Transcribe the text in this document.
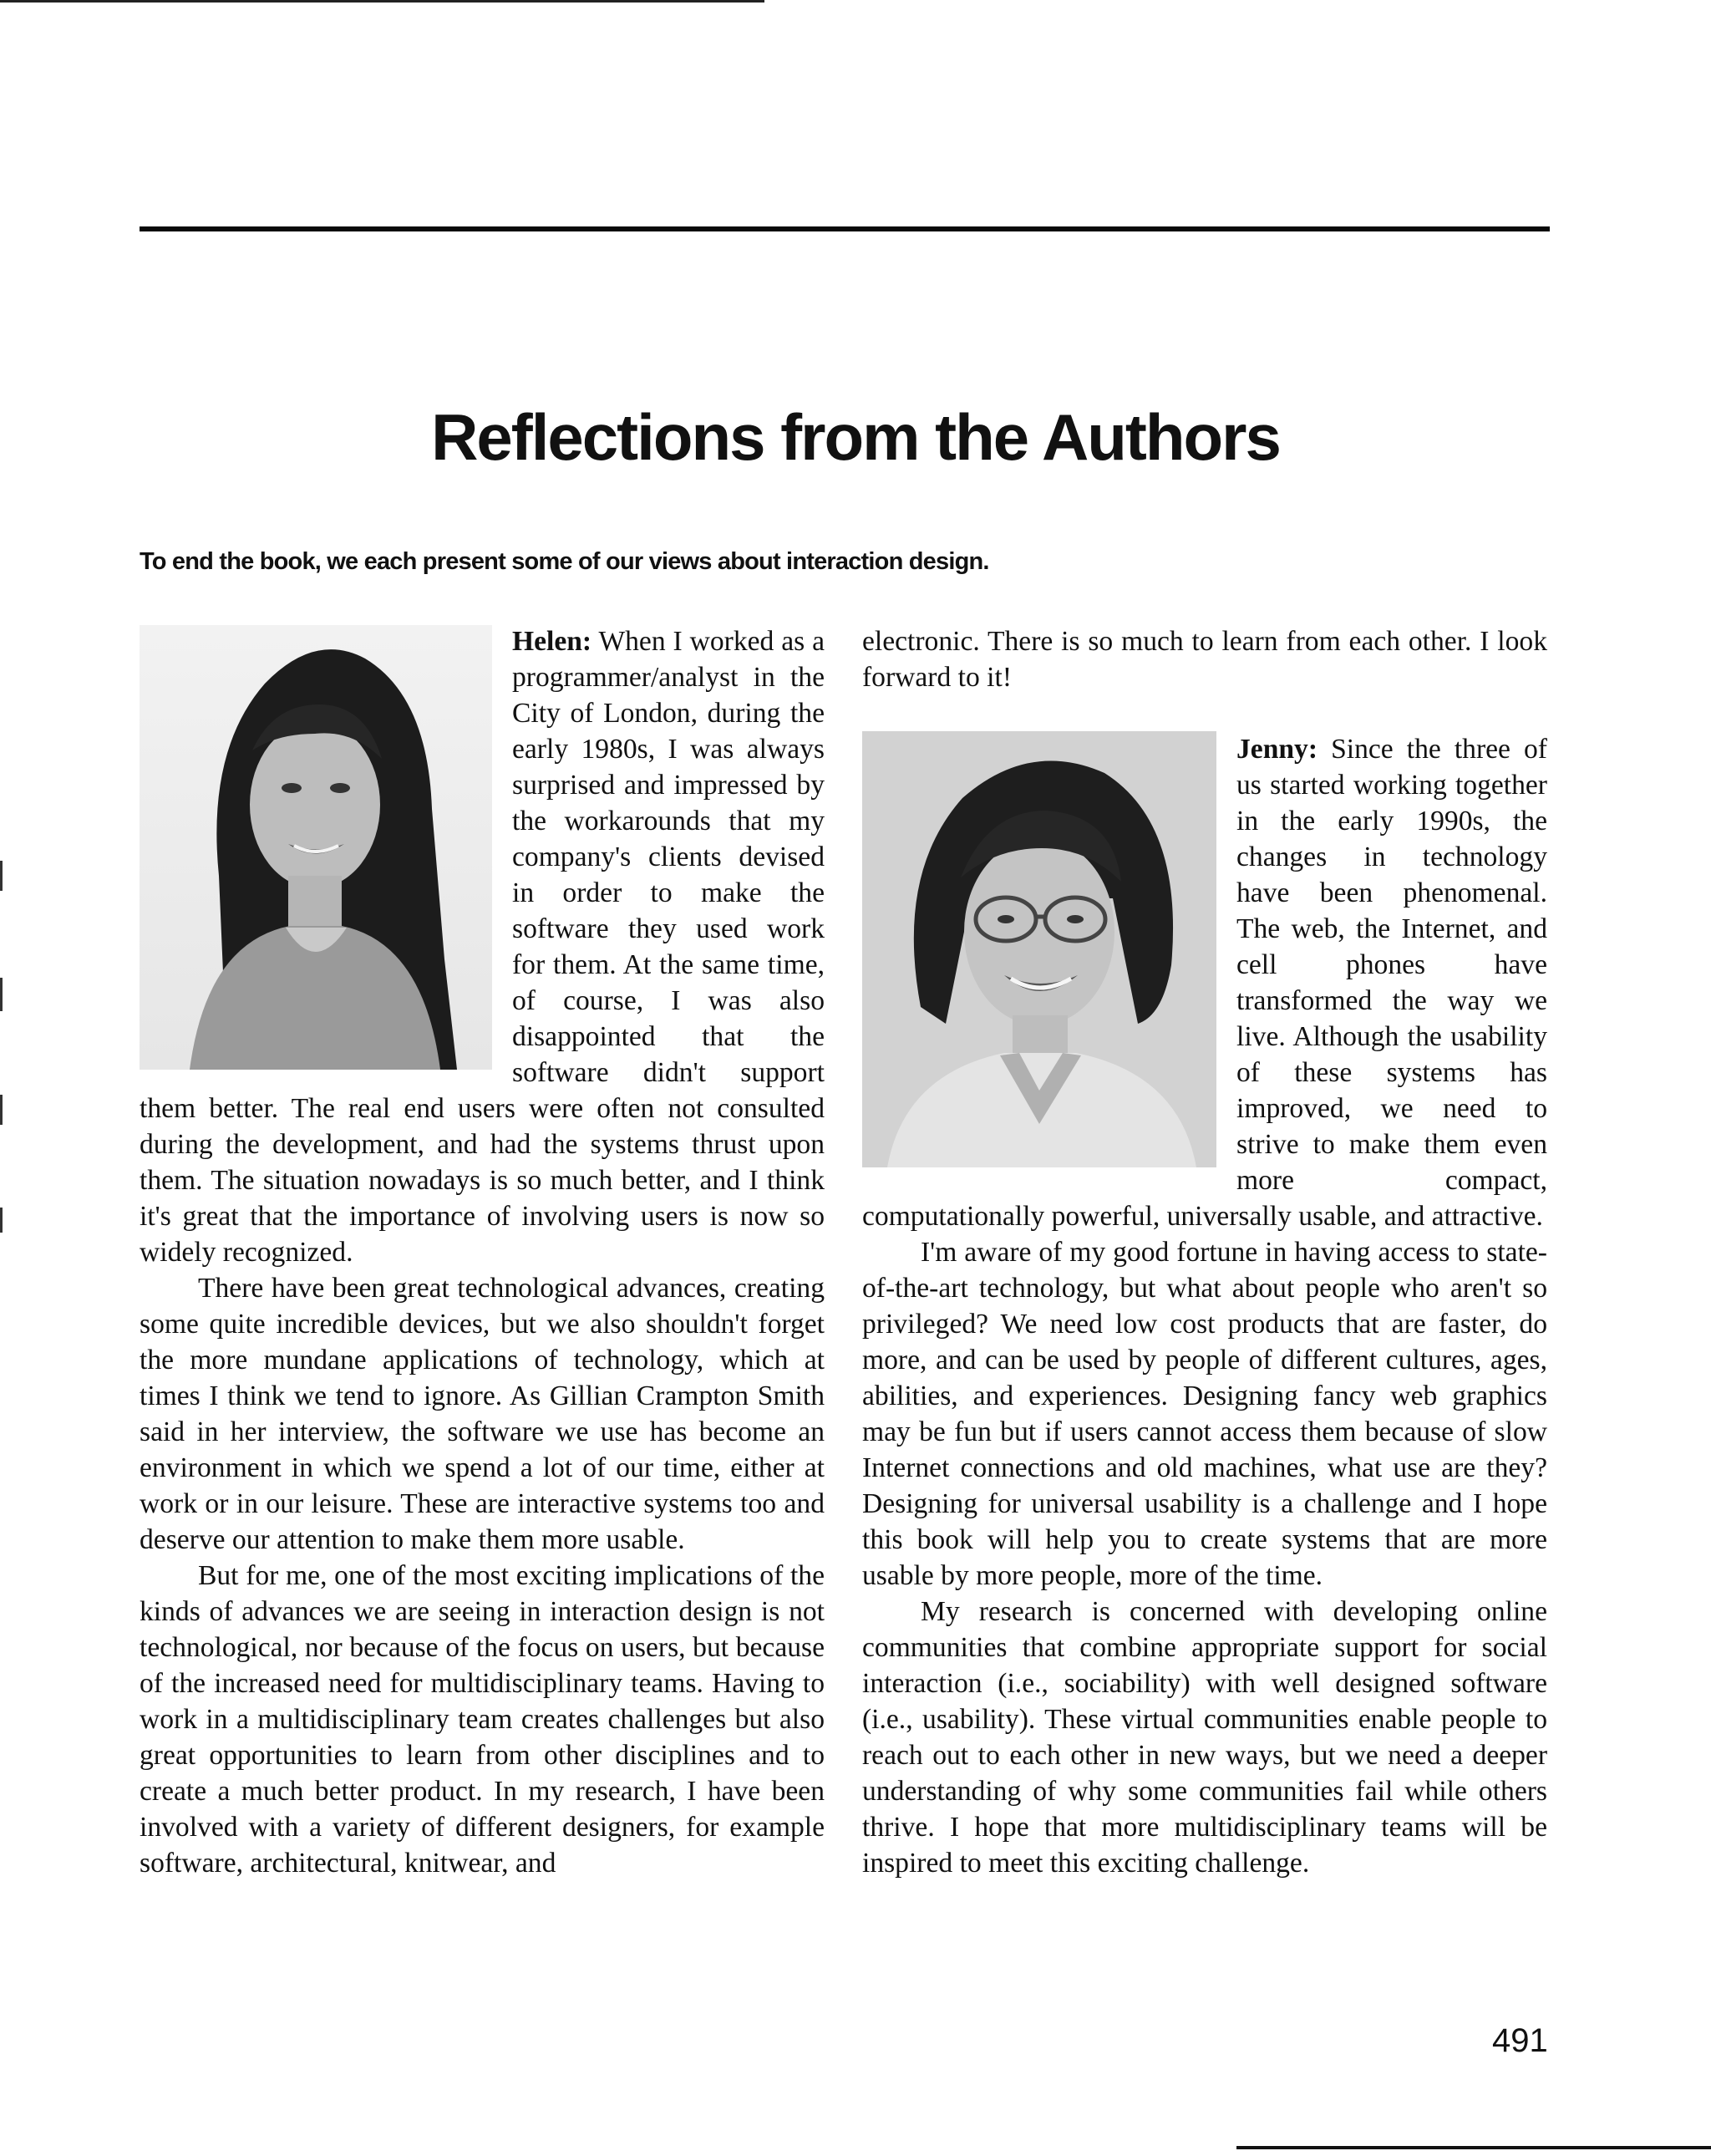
Reflections from the Authors

To end the book, we each present some of our views about interaction design.

Helen: When I worked as a programmer/analyst in the City of London, during the early 1980s, I was always surprised and impressed by the workarounds that my company's clients devised in order to make the software they used work for them. At the same time, of course, I was also disappointed that the software didn't support them better. The real end users were often not consulted during the development, and had the systems thrust upon them. The situation nowadays is so much better, and I think it's great that the importance of involving users is now so widely recognized.

There have been great technological advances, creating some quite incredible devices, but we also shouldn't forget the more mundane applications of technology, which at times I think we tend to ignore. As Gillian Crampton Smith said in her interview, the software we use has become an environment in which we spend a lot of our time, either at work or in our leisure. These are interactive systems too and deserve our attention to make them more usable.

But for me, one of the most exciting implications of the kinds of advances we are seeing in interaction design is not technological, nor because of the focus on users, but because of the increased need for multidisciplinary teams. Having to work in a multidisciplinary team creates challenges but also great opportunities to learn from other disciplines and to create a much better product. In my research, I have been involved with a variety of different designers, for example software, architectural, knitwear, and

electronic. There is so much to learn from each other. I look forward to it!

Jenny: Since the three of us started working together in the early 1990s, the changes in technology have been phenomenal. The web, the Internet, and cell phones have transformed the way we live. Although the usability of these systems has improved, we need to strive to make them even more compact, computationally powerful, universally usable, and attractive.

I'm aware of my good fortune in having access to state-of-the-art technology, but what about people who aren't so privileged? We need low cost products that are faster, do more, and can be used by people of different cultures, ages, abilities, and experiences. Designing fancy web graphics may be fun but if users cannot access them because of slow Internet connections and old machines, what use are they? Designing for universal usability is a challenge and I hope this book will help you to create systems that are more usable by more people, more of the time.

My research is concerned with developing online communities that combine appropriate support for social interaction (i.e., sociability) with well designed software (i.e., usability). These virtual communities enable people to reach out to each other in new ways, but we need a deeper understanding of why some communities fail while others thrive. I hope that more multidisciplinary teams will be inspired to meet this exciting challenge.

491
